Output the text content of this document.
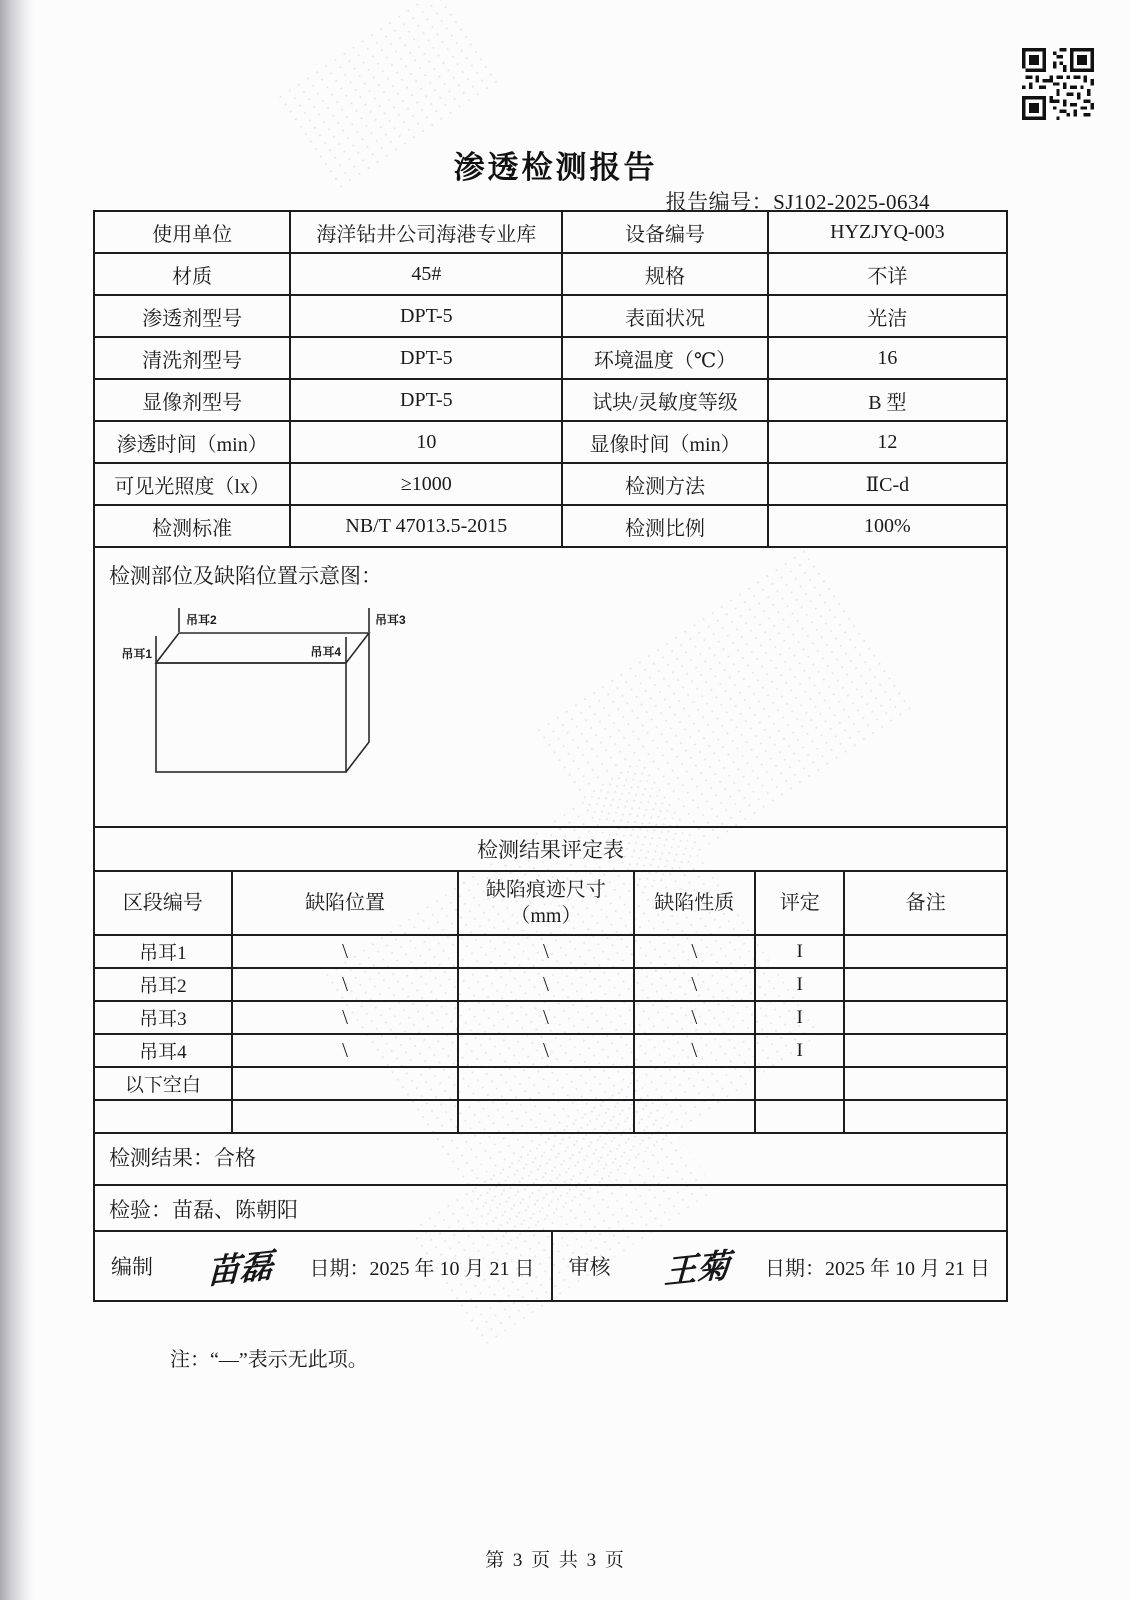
渗透检测报告
报告编号：SJ102-2025-0634
使用单位	海洋钻井公司海港专业库	设备编号	HYZJYQ-003
材质	45#	规格	不详
渗透剂型号	DPT-5	表面状况	光洁
清洗剂型号	DPT-5	环境温度（℃）	16
显像剂型号	DPT-5	试块/灵敏度等级	B 型
渗透时间（min）	10	显像时间（min）	12
可见光照度（lx）	≥1000	检测方法	ⅡC-d
检测标准	NB/T 47013.5-2015	检测比例	100%
检测部位及缺陷位置示意图：
吊耳1
吊耳2	吊耳3
吊耳4
检测结果评定表
区段编号	缺陷位置	缺陷痕迹尺寸（mm）	缺陷性质	评定	备注
吊耳1	\	\	\	I	
吊耳2	\	\	\	I	
吊耳3	\	\	\	I	
吊耳4	\	\	\	I	
以下空白					

检测结果：合格
检验：苗磊、陈朝阳
编制 苗磊 日期：2025 年 10 月 21 日 审核 王菊 日期：2025 年 10 月 21 日
注：“—”表示无此项。
第 3 页 共 3 页
